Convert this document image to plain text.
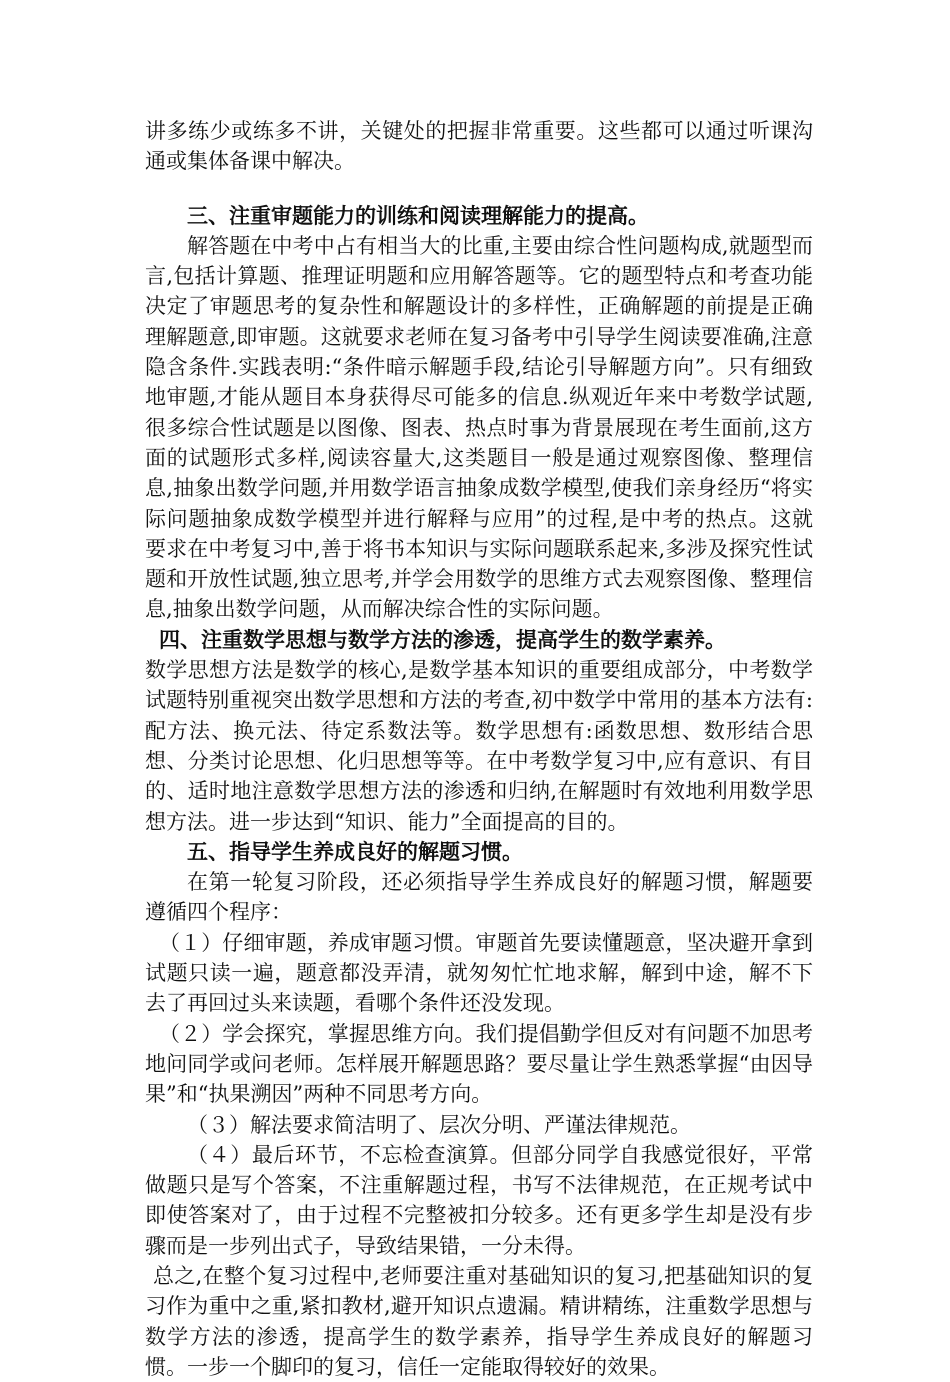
讲多练少或练多不讲，关键处的把握非常重要。这些都可以通过听课沟通或集体备课中解决。

三、注重审题能力的训练和阅读理解能力的提高。

解答题在中考中占有相当大的比重,主要由综合性问题构成,就题型而言,包括计算题、推理证明题和应用解答题等。它的题型特点和考查功能决定了审题思考的复杂性和解题设计的多样性，正确解题的前提是正确理解题意,即审题。这就要求老师在复习备考中引导学生阅读要准确,注意隐含条件.实践表明:“条件暗示解题手段,结论引导解题方向”。只有细致地审题,才能从题目本身获得尽可能多的信息.纵观近年来中考数学试题,很多综合性试题是以图像、图表、热点时事为背景展现在考生面前,这方面的试题形式多样,阅读容量大,这类题目一般是通过观察图像、整理信息,抽象出数学问题,并用数学语言抽象成数学模型,使我们亲身经历“将实际问题抽象成数学模型并进行解释与应用”的过程,是中考的热点。这就要求在中考复习中,善于将书本知识与实际问题联系起来,多涉及探究性试题和开放性试题,独立思考,并学会用数学的思维方式去观察图像、整理信息,抽象出数学问题，从而解决综合性的实际问题。

四、注重数学思想与数学方法的渗透，提高学生的数学素养。

数学思想方法是数学的核心,是数学基本知识的重要组成部分，中考数学试题特别重视突出数学思想和方法的考查,初中数学中常用的基本方法有:配方法、换元法、待定系数法等。数学思想有:函数思想、数形结合思想、分类讨论思想、化归思想等等。在中考数学复习中,应有意识、有目的、适时地注意数学思想方法的渗透和归纳,在解题时有效地利用数学思想方法。进一步达到“知识、能力”全面提高的目的。

五、指导学生养成良好的解题习惯。

在第一轮复习阶段，还必须指导学生养成良好的解题习惯，解题要遵循四个程序：

（１）仔细审题，养成审题习惯。审题首先要读懂题意，坚决避开拿到试题只读一遍，题意都没弄清，就匆匆忙忙地求解，解到中途，解不下去了再回过头来读题，看哪个条件还没发现。

（２）学会探究，掌握思维方向。我们提倡勤学但反对有问题不加思考地问同学或问老师。怎样展开解题思路？要尽量让学生熟悉掌握“由因导果”和“执果溯因”两种不同思考方向。

（３）解法要求简洁明了、层次分明、严谨法律规范。

（４）最后环节，不忘检查演算。但部分同学自我感觉很好，平常做题只是写个答案，不注重解题过程，书写不法律规范，在正规考试中即使答案对了，由于过程不完整被扣分较多。还有更多学生却是没有步骤而是一步列出式子，导致结果错，一分未得。

总之,在整个复习过程中,老师要注重对基础知识的复习,把基础知识的复习作为重中之重,紧扣教材,避开知识点遗漏。精讲精练，注重数学思想与数学方法的渗透，提高学生的数学素养，指导学生养成良好的解题习惯。一步一个脚印的复习，信任一定能取得较好的效果。
